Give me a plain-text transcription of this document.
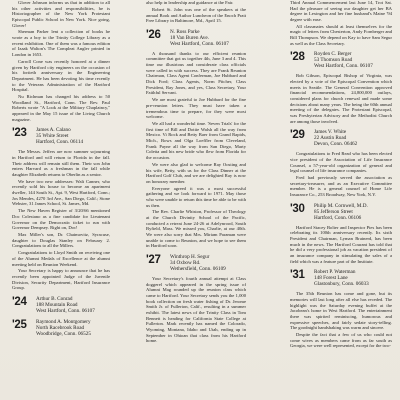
Glover Johnson informs us that in addition to all his other activities and responsibilities, he is Historiographer of the New York Protestant Episcopal Public School in New York. Nice going, Glover!

Sherman Parker lent a collection of books he wrote as a boy to the Trinity College Library as a recent exhibition. One of them was a famous edition of Izaak Walton's The Compleat Angler printed in London in 1653.

Carroll Cone was recently honored at a dinner given by Hartford city engineers on the occasion of his fortieth anniversary in the Engineering Department. He has been devoting his time recently to the Veterans Administration of the Hartford Hospital.

Nu Richman has changed his address to 50 Woodland St., Hartford, Conn. The Rev. Paul Roberts wrote "A Look at the Military Chaplaincy," appeared in the May 15 issue of the Living Church magazine.

'23	James A. Calano
35 White Street
Hartford, Conn. 06114

The Messrs. Jeffers are now summer sojourning in Hartford and will return to Florida in the fall. Their address will remain still them. Their son John enters Harvard as a freshman in the fall while daughter Elizabeth returns to Oberlin as a senior.

We have two new addresses: Walt Canner, who recently sold his house to become an apartment dweller, 144 South St., Apt. 9, West Hartford, Conn.; Jos Mendes, 4270 3rd Ave., San Diego, Calif.; Stone Webster, 31 James School, St. James, Md.

The New Haven Register of 3/20/66 mentioned Doc Colestano as a fine candidate for Lieutenant Governor on the Democratic ticket to run with Governor Dempsey. Right on, Doc!

Max Miller's son, Dr. Chaimovitz, Syracuse, daughter to Douglas Stanley on February 2. Congratulations to all the Millers.

Congratulations to Lloyd Smith on receiving one of the Alumni Medals of Excellence at the alumni meeting held on Reunion Weekend.

Your Secretary is happy to announce that he has recently been appointed Judge of the Juvenile Division, Security Department, Hartford Insurance Group.

'24	Arthur B. Conrad
188 Mountain Road
West Hartford, Conn. 06107
'25	Raymond A. Montgomery
North Racebrook Road
Woodbridge, Conn. 06525

also help in leadership and guidance at the Fair.

Robert St. John was one of the speakers at the annual Book and Author Luncheon of the Enoch Pratt Free Library in Baltimore, Md., April 15.

'26	N. Ross Parke
18 Van Buren Ave.
West Hartford, Conn. 06107

A thousand thanks to our efficient reunion committee that got us together 4th, June 3 and 4. This time our illustrious and considerate class officials were called in with success. They are Frank Reunion Chairman, Class Agent Conferman, Joe Hubbard and Dick Ford; Class Agents, Norm Pitcher, Class President, Ray Jones, and yes, Class Secretary, Your Faithful Servant.

We are most grateful to Joe Hubbard for the fine pre-reunion letters. They must have taken a tremendous time to prepare, for they were most welcome.

We all had a wonderful time. 'Seven Trials' for the first time of Bill and Dottie Walsh all the way from Mexico. Vi Rock and Betty Baer from Grand Rapids, Mich., Bows and Olga Loeffler from Cleveland, Frank Payne all the way from San Diego, Marty Coletta and his new bride who flew from Florida for the occasion.

We were also glad to welcome Ray Oosting and his wife, Betty, with us for the Class Dinner at the Hartford Golf Club, and we are delighted Ray is now on honorary member.

Everyone agreed it was a most successful gathering and we look forward to 1971. May those who were unable to return this time be able to be with us then.

The Rev. Charlie Whiston, Professor of Theology at the Church Divinity School of the Pacific, conducted a retreat June 24-26 at Adelynrood, South Byfield, Mass. We missed you, Charlie, at our 40th. We were also sorry that Mrs. Miriam Paraman were unable to come to Reunion, and we hope to see them in Hartford soon.

'27	Winthrop H. Segur
34 Oxbow Rd.
Wethersfield, Conn. 06109

Your Secretary's fourth annual attempt at Class doggerel which appeared in the spring issue of Alumni Mag rounded up the reunion class which came to Hartford. Your Secretary sends you the 1,000 book collection on fresh water fishing of Dr. Jerome Smith Jr. of Fullerton, Calif., resulting in a summer exhibit. The latest news of the Trinity Class in Tom Bennett is heading for California State College at Fullerton. Mark recently has named the Colorado, Wyoming, Montana, Idaho and Utah, ending up in September in Ohioan that class from his Hartford home.

Third Annual Commencement last June 14, Trot Sat. Had the pleasure of seeing our daughter get her BA degree in Lexington and her fine husband's Maine '94 degree with ease.

All classmates should at least themselves for the magic of letters from Chesterton, Andy Fornberger and Bill Thompson. We depend on Kay to have Sam Segur as well as the Class Secretary.

'28	Royden C. Berger
53 Thomson Road
West Hartford, Conn. 06107

Bob Gibson, Episcopal Bishop of Virginia, was elected by a vote of the Episcopal Convention which meets in Seattle. The General Convention approved financial recommendations, 24,800,000 outlays, considered plans for church renewal and made some decisions about many years. The being the 60th annual meeting of the delegates. The Protestant Episcopal, was Presbyterian Advisory and the Methodist Church are among those involved.

'29	James V. White
22 Austin Road
Devon, Conn. 06462

Congratulations to Fred Read who has been elected vice president of the Association of Life Insurance Counsel, a 57-year-old organization of general and legal counsel of life insurance companies.

Fred had previously served the association as secretary-treasurer, and as an Executive Committee member. He is a general counsel of Home Life Insurance Co., 253 Broadway, New York, N.Y.

'30	Philip M. Cornwell, M.D.
85 Jefferson Street
Hartford, Conn. 06106

Hartford Stacey Bolter and Inspector Pies has been celebrating its 100th anniversary recently. Its sixth President and Chairman, Lyman Brainerd, has been much in the news. The Hartford Courant has told that he did a very professional job as vacation president of an insurance company in stimulating the sales of a field which was a feature part of the Institute.

'31	Robert P. Waterman
148 Forest Lane
Glastonbury, Conn. 06033

The 35th Reunion has come and gone, but its memories will last long after all else has receded. The highlight was the Saturday evening buffet at the Jacobean's home in West Hartford. The entertainment there was spirited reminiscing, humorous and expressive speeches, and fairly sedate story-telling. The goodnight handshaking was warm and sincere.

Despite the fact that a few of us who could not come wives as members came from as far south as Georgia, we were well represented, except for the two-
